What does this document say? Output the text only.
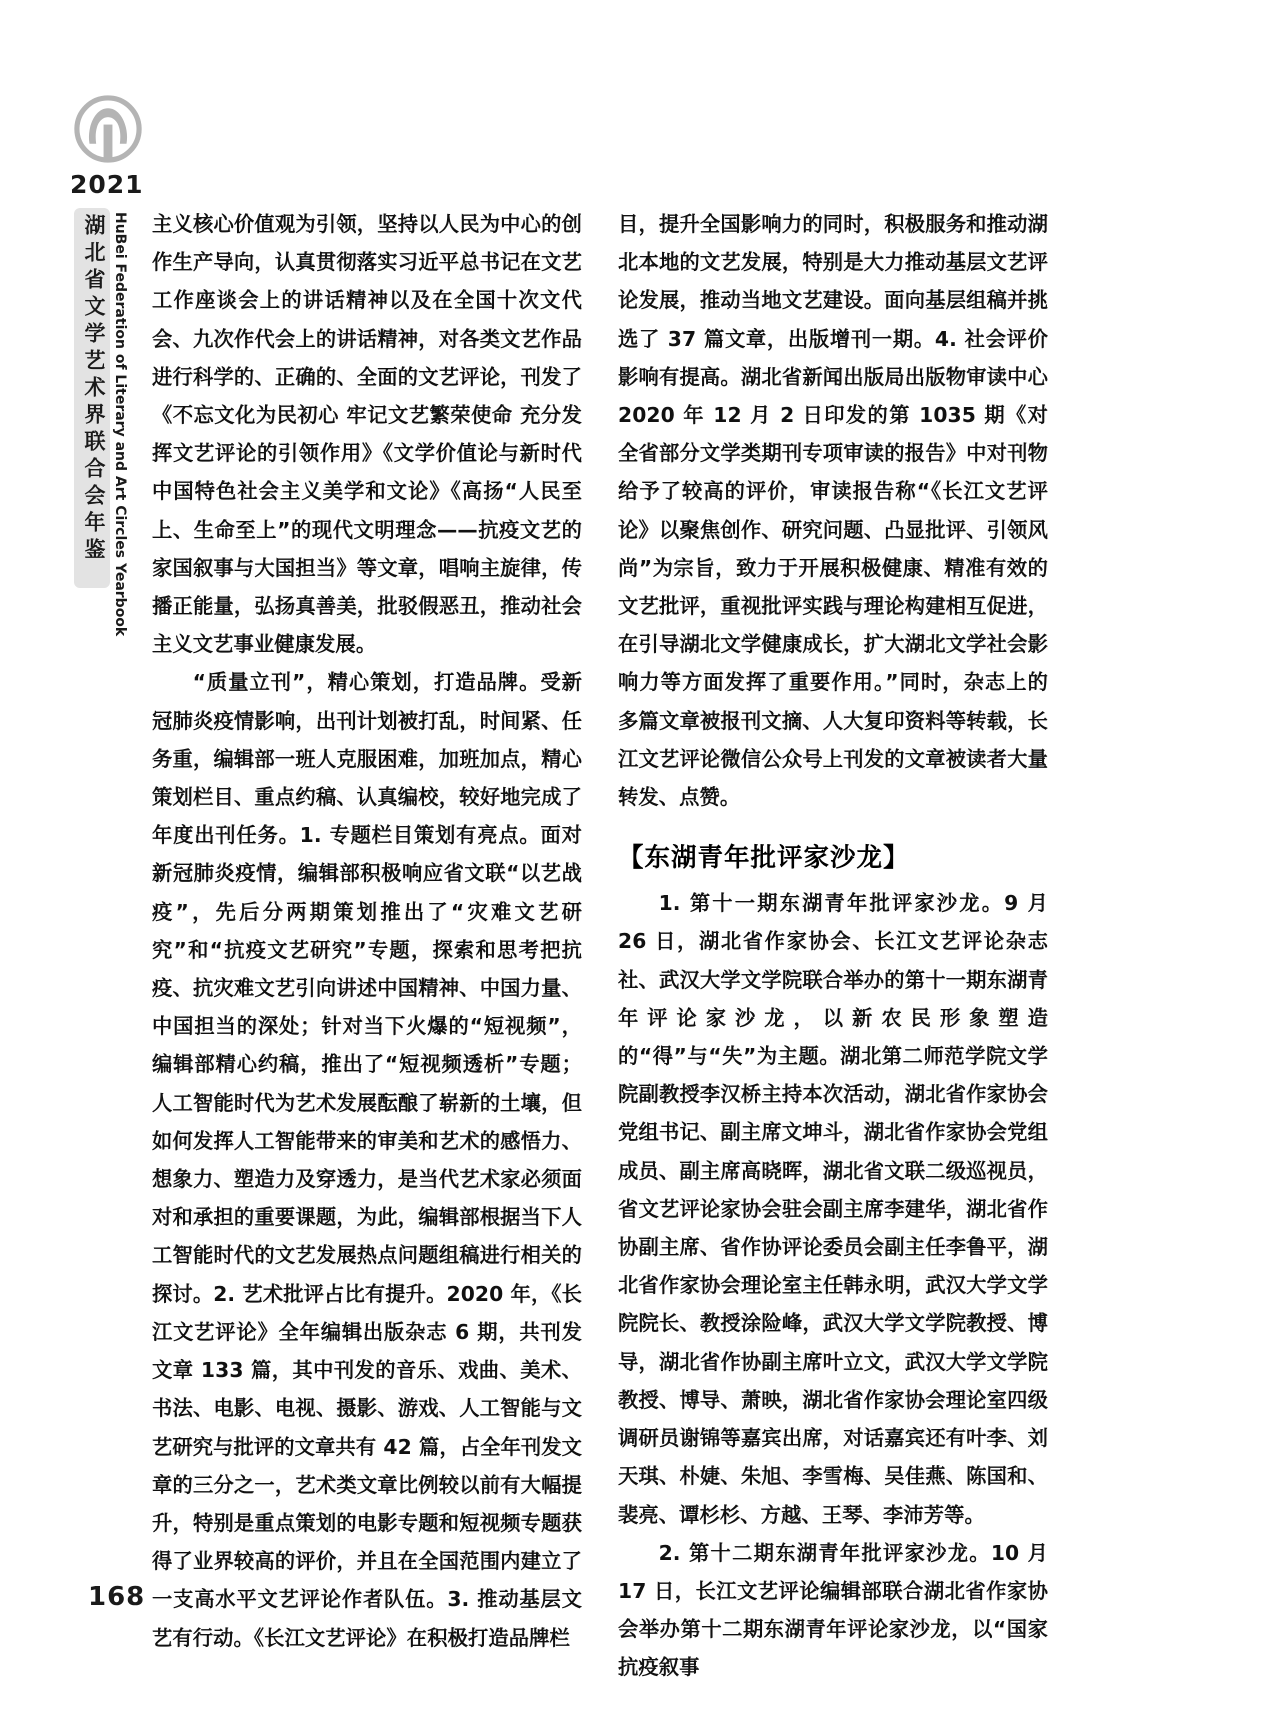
2021
湖北省文学艺术界联合会年鉴 HuBei Federation of Literary and Art Circles Yearbook 主义核心价值观为引领，坚持以人民为中心的创作生产导向，认真贯彻落实习近平总书记在文艺工作座谈会上的讲话精神以及在全国十次文代会、九次作代会上的讲话精神，对各类文艺作品进行科学的、正确的、全面的文艺评论，刊发了《不忘文化为民初心 牢记文艺繁荣使命 充分发挥文艺评论的引领作用》《文学价值论与新时代中国特色社会主义美学和文论》《高扬“人民至上、生命至上”的现代文明理念——抗疫文艺的家国叙事与大国担当》等文章，唱响主旋律，传播正能量，弘扬真善美，批驳假恶丑，推动社会主义文艺事业健康发展。

“质量立刊”，精心策划，打造品牌。受新冠肺炎疫情影响，出刊计划被打乱，时间紧、任务重，编辑部一班人克服困难，加班加点，精心策划栏目、重点约稿、认真编校，较好地完成了年度出刊任务。1. 专题栏目策划有亮点。面对新冠肺炎疫情，编辑部积极响应省文联“以艺战疫”，先后分两期策划推出了“灾难文艺研究”和“抗疫文艺研究”专题，探索和思考把抗疫、抗灾难文艺引向讲述中国精神、中国力量、中国担当的深处；针对当下火爆的“短视频”，编辑部精心约稿，推出了“短视频透析”专题；人工智能时代为艺术发展酝酿了崭新的土壤，但如何发挥人工智能带来的审美和艺术的感悟力、想象力、塑造力及穿透力，是当代艺术家必须面对和承担的重要课题，为此，编辑部根据当下人工智能时代的文艺发展热点问题组稿进行相关的探讨。2. 艺术批评占比有提升。2020 年，《长江文艺评论》全年编辑出版杂志 6 期，共刊发文章 133 篇，其中刊发的音乐、戏曲、美术、书法、电影、电视、摄影、游戏、人工智能与文艺研究与批评的文章共有 42 篇，占全年刊发文章的三分之一，艺术类文章比例较以前有大幅提升，特别是重点策划的电影专题和短视频专题获得了业界较高的评价，并且在全国范围内建立了一支高水平文艺评论作者队伍。3. 推动基层文艺有行动。《长江文艺评论》在积极打造品牌栏

目，提升全国影响力的同时，积极服务和推动湖北本地的文艺发展，特别是大力推动基层文艺评论发展，推动当地文艺建设。面向基层组稿并挑选了 37 篇文章，出版增刊一期。4. 社会评价影响有提高。湖北省新闻出版局出版物审读中心 2020 年 12 月 2 日印发的第 1035 期《对全省部分文学类期刊专项审读的报告》中对刊物给予了较高的评价，审读报告称“《长江文艺评论》以聚焦创作、研究问题、凸显批评、引领风尚”为宗旨，致力于开展积极健康、精准有效的文艺批评，重视批评实践与理论构建相互促进，在引导湖北文学健康成长，扩大湖北文学社会影响力等方面发挥了重要作用。”同时，杂志上的多篇文章被报刊文摘、人大复印资料等转载，长江文艺评论微信公众号上刊发的文章被读者大量转发、点赞。

【东湖青年批评家沙龙】

1. 第十一期东湖青年批评家沙龙。9 月 26 日，湖北省作家协会、长江文艺评论杂志社、武汉大学文学院联合举办的第十一期东湖青年评论家沙龙，以新农民形象塑造的“得”与“失”为主题。湖北第二师范学院文学院副教授李汉桥主持本次活动，湖北省作家协会党组书记、副主席文坤斗，湖北省作家协会党组成员、副主席高晓晖，湖北省文联二级巡视员，省文艺评论家协会驻会副主席李建华，湖北省作协副主席、省作协评论委员会副主任李鲁平，湖北省作家协会理论室主任韩永明，武汉大学文学院院长、教授涂险峰，武汉大学文学院教授、博导，湖北省作协副主席叶立文，武汉大学文学院教授、博导、萧映，湖北省作家协会理论室四级调研员谢锦等嘉宾出席，对话嘉宾还有叶李、刘天琪、朴婕、朱旭、李雪梅、吴佳燕、陈国和、裴亮、谭杉杉、方越、王琴、李沛芳等。

2. 第十二期东湖青年批评家沙龙。10 月 17 日，长江文艺评论编辑部联合湖北省作家协会举办第十二期东湖青年评论家沙龙，以“国家抗疫叙事

168
